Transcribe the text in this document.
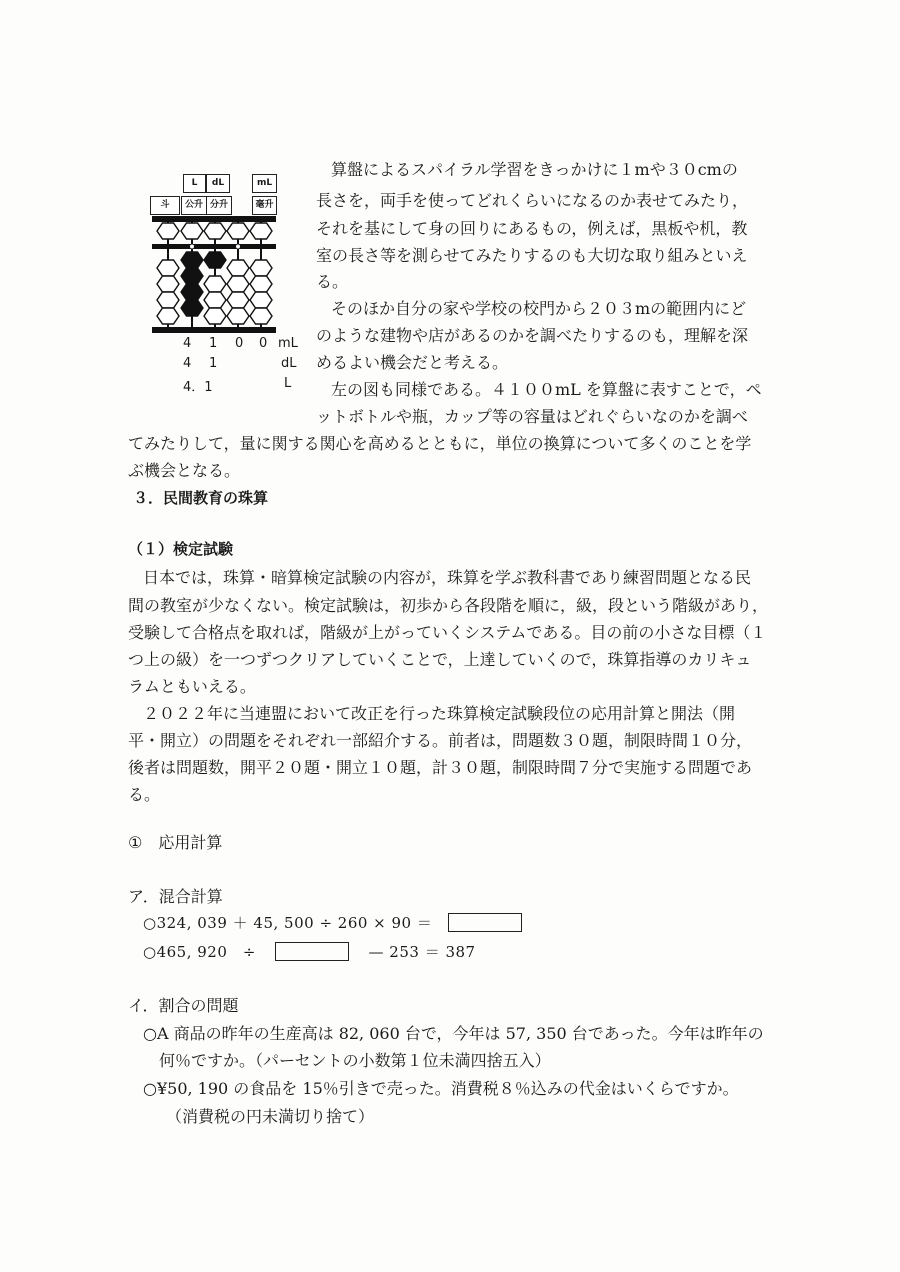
L	dL	mL
斗	公升 分升	毫升
4 1 0 0 mL
4 1	dL
4．1	L
算盤によるスパイラル学習をきっかけに１mや３０cmの
長さを，両手を使ってどれくらいになるのか表せてみたり，
それを基にして身の回りにあるもの，例えば，黒板や机，教
室の長さ等を測らせてみたりするのも大切な取り組みといえ
る。
そのほか自分の家や学校の校門から２０３mの範囲内にど
のような建物や店があるのかを調べたりするのも，理解を深
めるよい機会だと考える。
左の図も同様である。４１００mL を算盤に表すことで，ペ
ットボトルや瓶，カップ等の容量はどれぐらいなのかを調べ
てみたりして，量に関する関心を高めるとともに，単位の換算について多くのことを学
ぶ機会となる。
３．民間教育の珠算
（１）検定試験
日本では，珠算・暗算検定試験の内容が，珠算を学ぶ教科書であり練習問題となる民
間の教室が少なくない。検定試験は，初歩から各段階を順に，級，段という階級があり，
受験して合格点を取れば，階級が上がっていくシステムである。目の前の小さな目標（１
つ上の級）を一つずつクリアしていくことで，上達していくので，珠算指導のカリキュ
ラムともいえる。
２０２２年に当連盟において改正を行った珠算検定試験段位の応用計算と開法（開
平・開立）の問題をそれぞれ一部紹介する。前者は，問題数３０題，制限時間１０分，
後者は問題数，開平２０題・開立１０題，計３０題，制限時間７分で実施する問題であ
る。
①　応用計算
ア．混合計算
○324, 039 ＋ 45, 500 ÷ 260 × 90 ＝
○465, 920　÷	— 253 ＝ 387
イ．割合の問題
○A 商品の昨年の生産高は 82, 060 台で，今年は 57, 350 台であった。今年は昨年の
何％ですか。（パーセントの小数第１位未満四捨五入）
○¥50, 190 の食品を 15％引きで売った。消費税８％込みの代金はいくらですか。
（消費税の円未満切り捨て）
